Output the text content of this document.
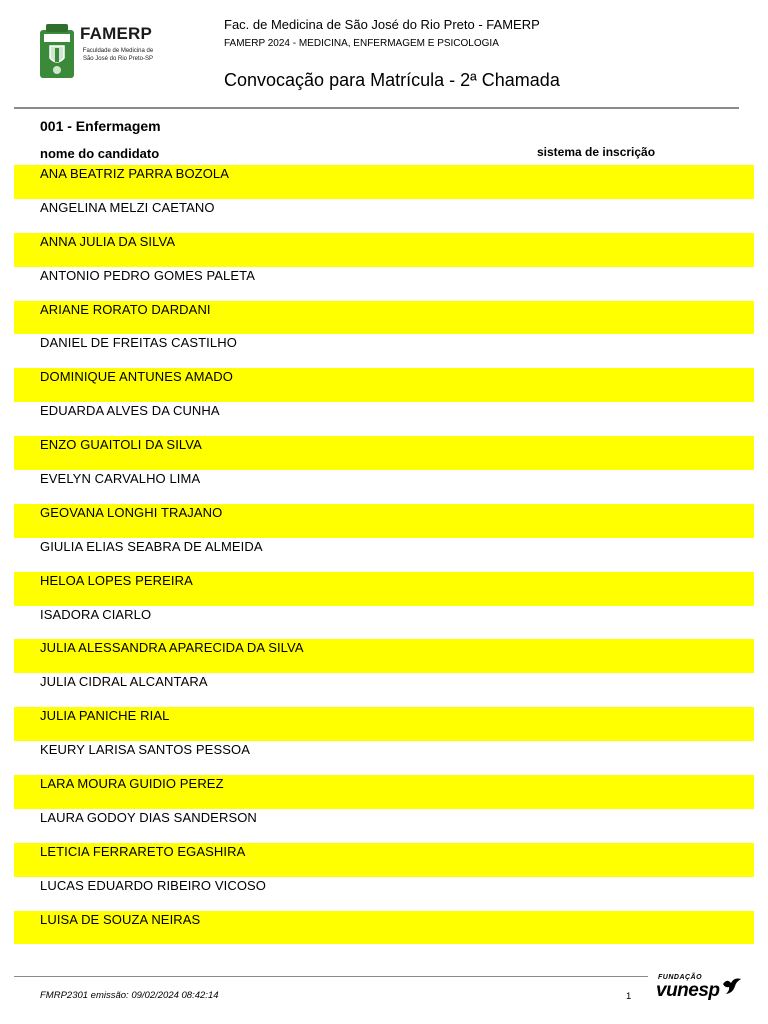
FAMERP
Faculdade de Medicina de São José do Rio Preto-SP
Fac. de Medicina de São José do Rio Preto - FAMERP
FAMERP 2024 - MEDICINA, ENFERMAGEM E PSICOLOGIA
Convocação para Matrícula - 2ª Chamada
001 - Enfermagem
nome do candidato	sistema de inscrição
ANA BEATRIZ PARRA BOZOLA
ANGELINA MELZI CAETANO
ANNA JULIA DA SILVA
ANTONIO PEDRO GOMES PALETA
ARIANE RORATO DARDANI
DANIEL DE FREITAS CASTILHO
DOMINIQUE ANTUNES AMADO
EDUARDA ALVES DA CUNHA
ENZO GUAITOLI DA SILVA
EVELYN CARVALHO LIMA
GEOVANA LONGHI TRAJANO
GIULIA ELIAS SEABRA DE ALMEIDA
HELOA LOPES PEREIRA
ISADORA CIARLO
JULIA ALESSANDRA APARECIDA DA SILVA
JULIA CIDRAL ALCANTARA
JULIA PANICHE RIAL
KEURY LARISA SANTOS PESSOA
LARA MOURA GUIDIO PEREZ
LAURA GODOY DIAS SANDERSON
LETICIA FERRARETO EGASHIRA
LUCAS EDUARDO RIBEIRO VICOSO
LUISA DE SOUZA NEIRAS
FMRP2301 emissão: 09/02/2024 08:42:14	1
FUNDAÇÃO
vunesp
